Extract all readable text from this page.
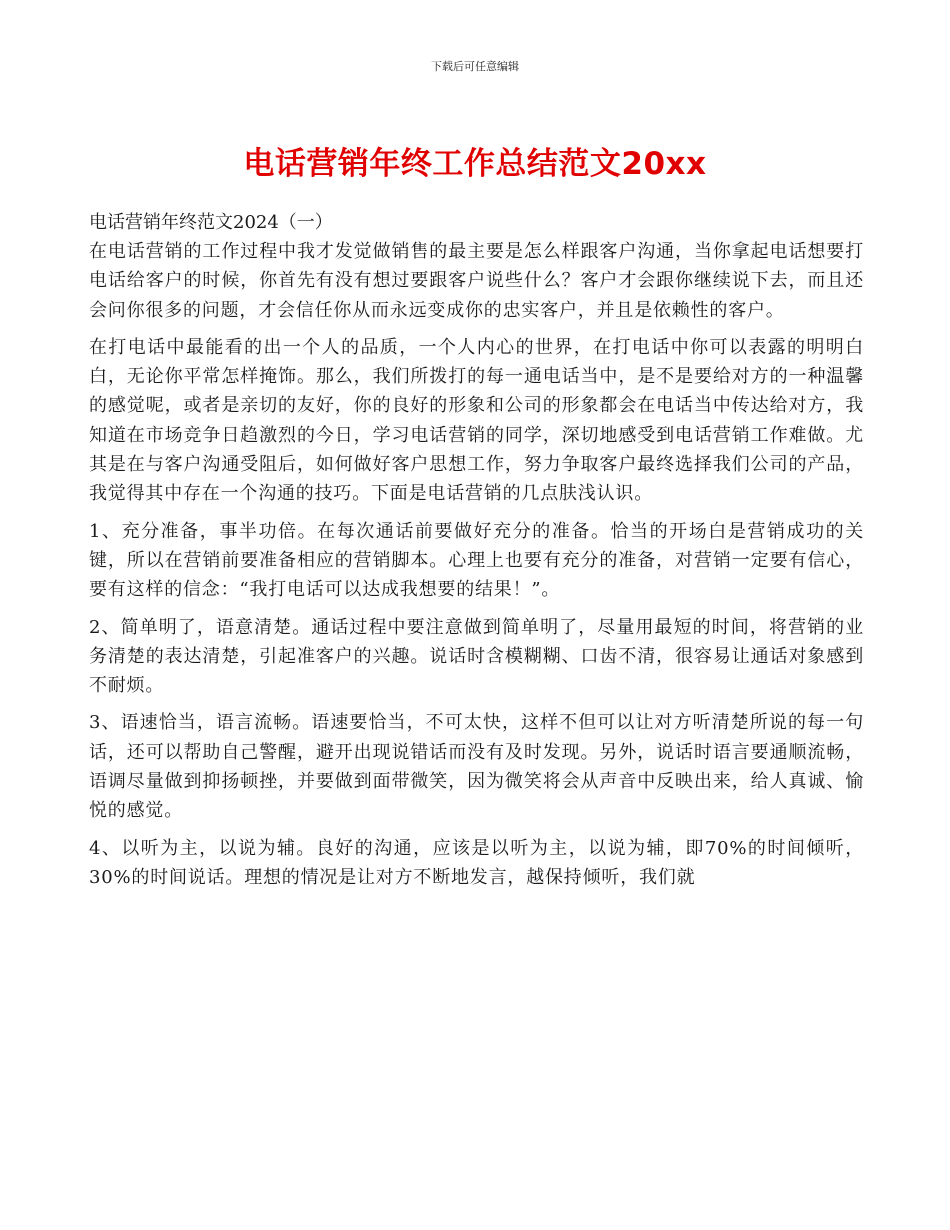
下载后可任意编辑
电话营销年终工作总结范文20xx

电话营销年终范文2024（一）

在电话营销的工作过程中我才发觉做销售的最主要是怎么样跟客户沟通，当你拿起电话想要打电话给客户的时候，你首先有没有想过要跟客户说些什么？客户才会跟你继续说下去，而且还会问你很多的问题，才会信任你从而永远变成你的忠实客户，并且是依赖性的客户。

在打电话中最能看的出一个人的品质，一个人内心的世界，在打电话中你可以表露的明明白白，无论你平常怎样掩饰。那么，我们所拨打的每一通电话当中，是不是要给对方的一种温馨的感觉呢，或者是亲切的友好，你的良好的形象和公司的形象都会在电话当中传达给对方，我知道在市场竞争日趋激烈的今日，学习电话营销的同学，深切地感受到电话营销工作难做。尤其是在与客户沟通受阻后，如何做好客户思想工作，努力争取客户最终选择我们公司的产品，我觉得其中存在一个沟通的技巧。下面是电话营销的几点肤浅认识。

1、充分准备，事半功倍。在每次通话前要做好充分的准备。恰当的开场白是营销成功的关键，所以在营销前要准备相应的营销脚本。心理上也要有充分的准备，对营销一定要有信心，要有这样的信念：“我打电话可以达成我想要的结果！”。

2、简单明了，语意清楚。通话过程中要注意做到简单明了，尽量用最短的时间，将营销的业务清楚的表达清楚，引起准客户的兴趣。说话时含模糊糊、口齿不清，很容易让通话对象感到不耐烦。

3、语速恰当，语言流畅。语速要恰当，不可太快，这样不但可以让对方听清楚所说的每一句话，还可以帮助自己警醒，避开出现说错话而没有及时发现。另外，说话时语言要通顺流畅，语调尽量做到抑扬顿挫，并要做到面带微笑，因为微笑将会从声音中反映出来，给人真诚、愉悦的感觉。

4、以听为主，以说为辅。良好的沟通，应该是以听为主，以说为辅，即70%的时间倾听，30%的时间说话。理想的情况是让对方不断地发言，越保持倾听，我们就
